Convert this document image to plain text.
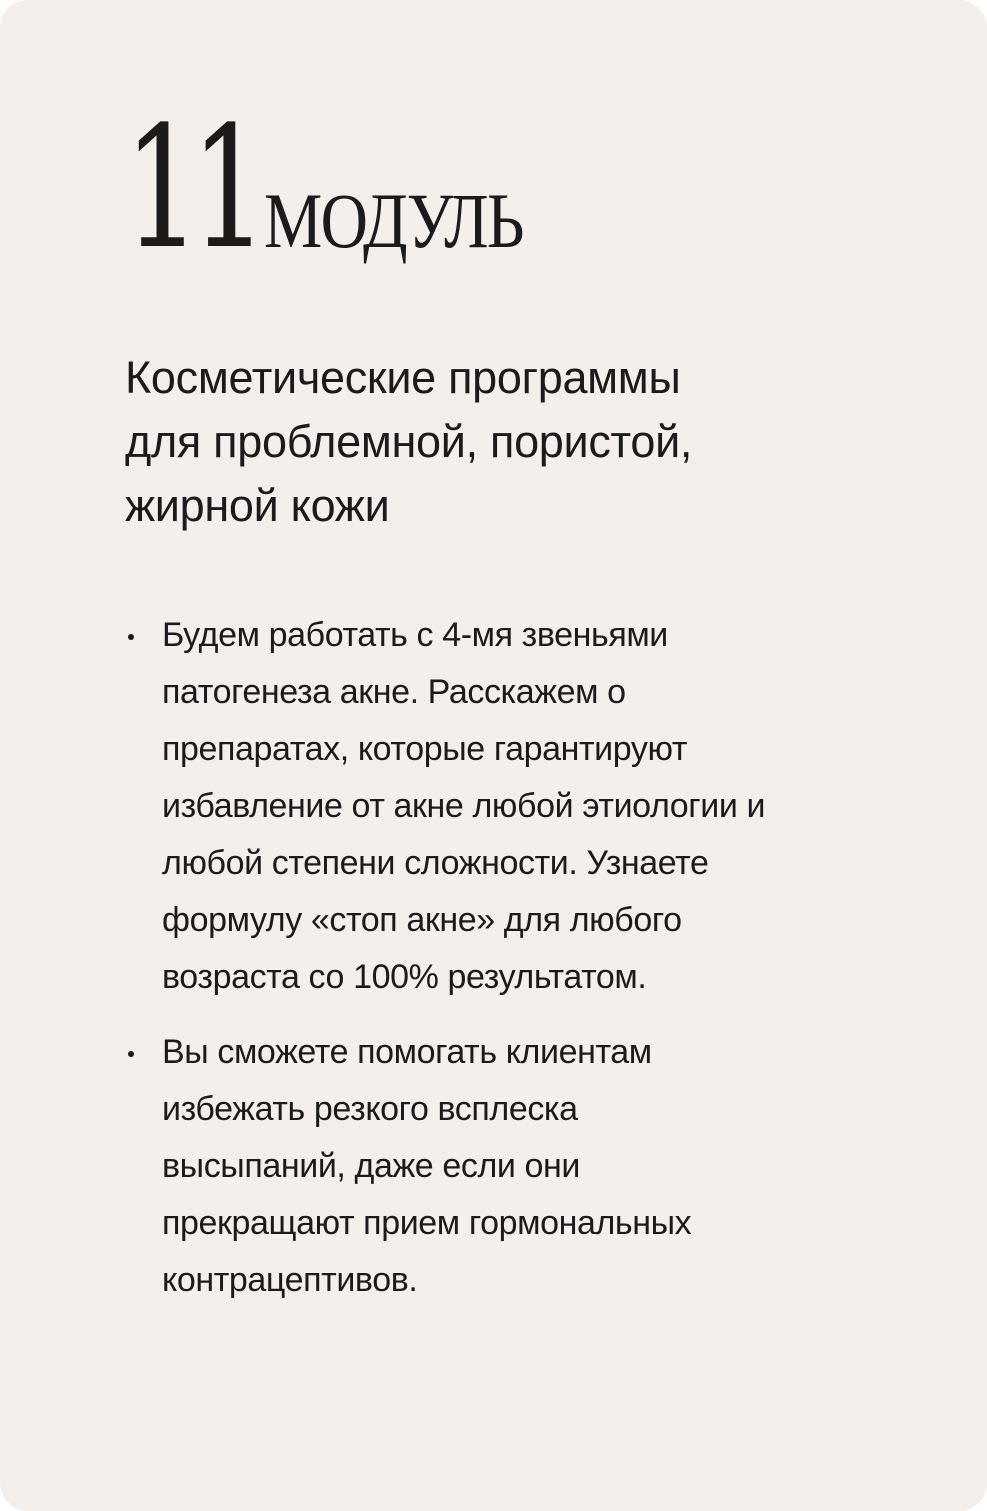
11 МОДУЛЬ
Косметические программы
для проблемной, пористой,
жирной кожи
Будем работать с 4-мя звеньями
патогенеза акне. Расскажем о
препаратах, которые гарантируют
избавление от акне любой этиологии и
любой степени сложности. Узнаете
формулу «стоп акне» для любого
возраста со 100% результатом.
Вы сможете помогать клиентам
избежать резкого всплеска
высыпаний, даже если они
прекращают прием гормональных
контрацептивов.
